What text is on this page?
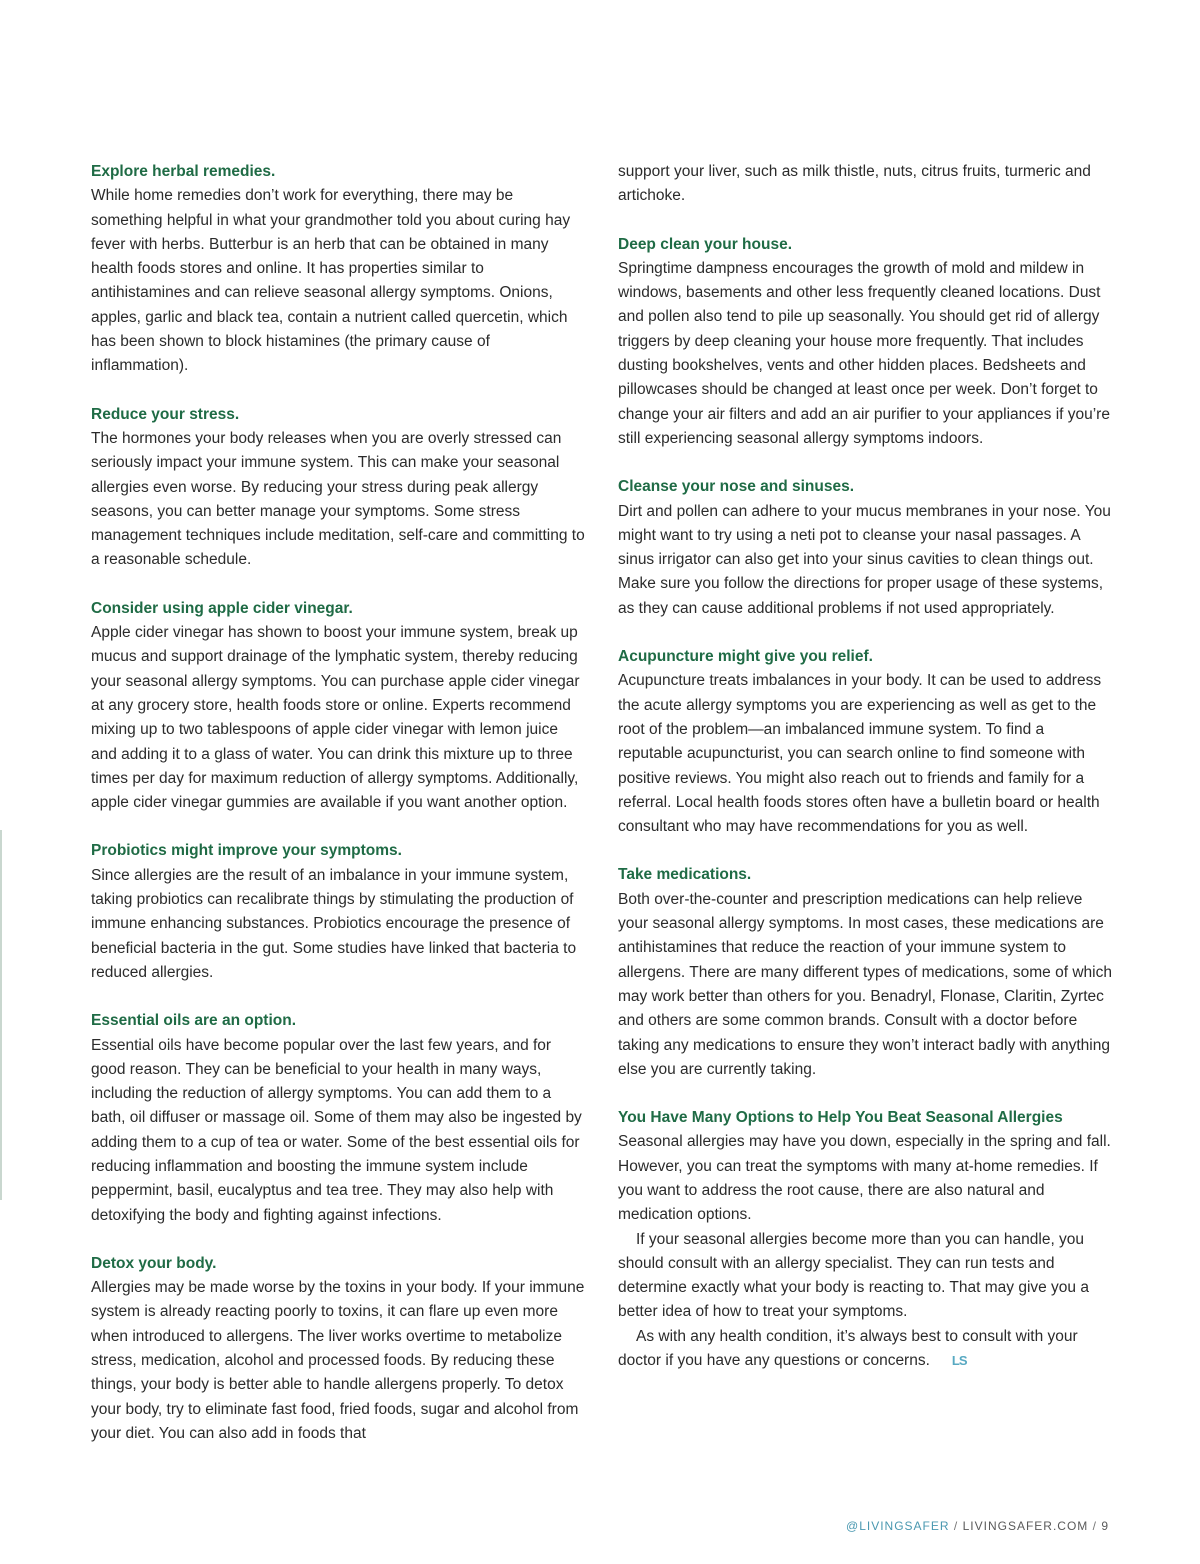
Explore herbal remedies.

While home remedies don’t work for everything, there may be something helpful in what your grandmother told you about curing hay fever with herbs. Butterbur is an herb that can be obtained in many health foods stores and online. It has properties similar to antihistamines and can relieve seasonal allergy symptoms. Onions, apples, garlic and black tea, contain a nutrient called quercetin, which has been shown to block histamines (the primary cause of inflammation).

Reduce your stress.

The hormones your body releases when you are overly stressed can seriously impact your immune system. This can make your seasonal allergies even worse. By reducing your stress during peak allergy seasons, you can better manage your symptoms. Some stress management techniques include meditation, self-care and committing to a reasonable schedule.

Consider using apple cider vinegar.

Apple cider vinegar has shown to boost your immune system, break up mucus and support drainage of the lymphatic system, thereby reducing your seasonal allergy symptoms. You can purchase apple cider vinegar at any grocery store, health foods store or online. Experts recommend mixing up to two tablespoons of apple cider vinegar with lemon juice and adding it to a glass of water. You can drink this mixture up to three times per day for maximum reduction of allergy symptoms. Additionally, apple cider vinegar gummies are available if you want another option.

Probiotics might improve your symptoms.

Since allergies are the result of an imbalance in your immune system, taking probiotics can recalibrate things by stimulating the production of immune enhancing substances. Probiotics encourage the presence of beneficial bacteria in the gut. Some studies have linked that bacteria to reduced allergies.

Essential oils are an option.

Essential oils have become popular over the last few years, and for good reason. They can be beneficial to your health in many ways, including the reduction of allergy symptoms. You can add them to a bath, oil diffuser or massage oil. Some of them may also be ingested by adding them to a cup of tea or water. Some of the best essential oils for reducing inflammation and boosting the immune system include peppermint, basil, eucalyptus and tea tree. They may also help with detoxifying the body and fighting against infections.

Detox your body.

Allergies may be made worse by the toxins in your body. If your immune system is already reacting poorly to toxins, it can flare up even more when introduced to allergens. The liver works overtime to metabolize stress, medication, alcohol and processed foods. By reducing these things, your body is better able to handle allergens properly. To detox your body, try to eliminate fast food, fried foods, sugar and alcohol from your diet. You can also add in foods that

support your liver, such as milk thistle, nuts, citrus fruits, turmeric and artichoke.

Deep clean your house.

Springtime dampness encourages the growth of mold and mildew in windows, basements and other less frequently cleaned locations. Dust and pollen also tend to pile up seasonally. You should get rid of allergy triggers by deep cleaning your house more frequently. That includes dusting bookshelves, vents and other hidden places. Bedsheets and pillowcases should be changed at least once per week. Don’t forget to change your air filters and add an air purifier to your appliances if you’re still experiencing seasonal allergy symptoms indoors.

Cleanse your nose and sinuses.

Dirt and pollen can adhere to your mucus membranes in your nose. You might want to try using a neti pot to cleanse your nasal passages. A sinus irrigator can also get into your sinus cavities to clean things out. Make sure you follow the directions for proper usage of these systems, as they can cause additional problems if not used appropriately.

Acupuncture might give you relief.

Acupuncture treats imbalances in your body. It can be used to address the acute allergy symptoms you are experiencing as well as get to the root of the problem—an imbalanced immune system. To find a reputable acupuncturist, you can search online to find someone with positive reviews. You might also reach out to friends and family for a referral. Local health foods stores often have a bulletin board or health consultant who may have recommendations for you as well.

Take medications.

Both over-the-counter and prescription medications can help relieve your seasonal allergy symptoms. In most cases, these medications are antihistamines that reduce the reaction of your immune system to allergens. There are many different types of medications, some of which may work better than others for you. Benadryl, Flonase, Claritin, Zyrtec and others are some common brands. Consult with a doctor before taking any medications to ensure they won’t interact badly with anything else you are currently taking.

You Have Many Options to Help You Beat Seasonal Allergies

Seasonal allergies may have you down, especially in the spring and fall. However, you can treat the symptoms with many at-home remedies. If you want to address the root cause, there are also natural and medication options.

If your seasonal allergies become more than you can handle, you should consult with an allergy specialist. They can run tests and determine exactly what your body is reacting to. That may give you a better idea of how to treat your symptoms.

As with any health condition, it’s always best to consult with your doctor if you have any questions or concerns. LS

@LIVINGSAFER / LIVINGSAFER.COM / 9
